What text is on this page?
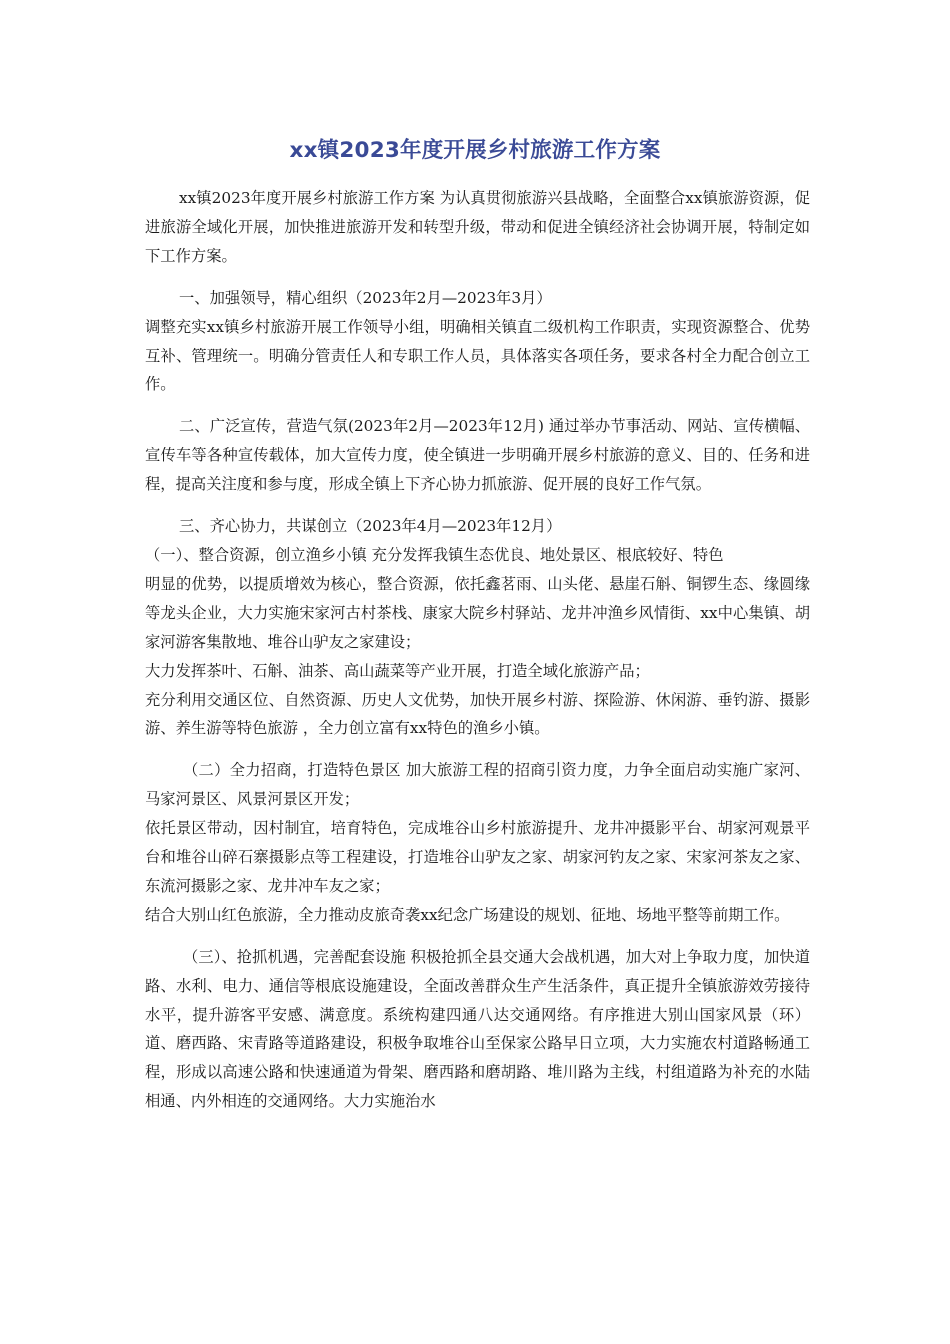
xx镇2023年度开展乡村旅游工作方案

xx镇2023年度开展乡村旅游工作方案 为认真贯彻旅游兴县战略，全面整合xx镇旅游资源，促进旅游全域化开展，加快推进旅游开发和转型升级，带动和促进全镇经济社会协调开展，特制定如下工作方案。

一、加强领导，精心组织（2023年2月—2023年3月）

调整充实xx镇乡村旅游开展工作领导小组，明确相关镇直二级机构工作职责，实现资源整合、优势互补、管理统一。明确分管责任人和专职工作人员，具体落实各项任务，要求各村全力配合创立工作。

二、广泛宣传，营造气氛(2023年2月—2023年12月) 通过举办节事活动、网站、宣传横幅、宣传车等各种宣传载体，加大宣传力度，使全镇进一步明确开展乡村旅游的意义、目的、任务和进程，提高关注度和参与度，形成全镇上下齐心协力抓旅游、促开展的良好工作气氛。

三、齐心协力，共谋创立（2023年4月—2023年12月）

（一）、整合资源，创立渔乡小镇 充分发挥我镇生态优良、地处景区、根底较好、特色

明显的优势，以提质增效为核心，整合资源，依托鑫茗雨、山头佬、悬崖石斛、铜锣生态、缘圆缘等龙头企业，大力实施宋家河古村茶栈、康家大院乡村驿站、龙井冲渔乡风情街、xx中心集镇、胡家河游客集散地、堆谷山驴友之家建设；

大力发挥茶叶、石斛、油茶、高山蔬菜等产业开展，打造全域化旅游产品；

充分利用交通区位、自然资源、历史人文优势，加快开展乡村游、探险游、休闲游、垂钓游、摄影游、养生游等特色旅游 ，全力创立富有xx特色的渔乡小镇。

（二）全力招商，打造特色景区 加大旅游工程的招商引资力度，力争全面启动实施广家河、马家河景区、风景河景区开发；

依托景区带动，因村制宜，培育特色，完成堆谷山乡村旅游提升、龙井冲摄影平台、胡家河观景平台和堆谷山碎石寨摄影点等工程建设，打造堆谷山驴友之家、胡家河钓友之家、宋家河茶友之家、东流河摄影之家、龙井冲车友之家；

结合大别山红色旅游，全力推动皮旅奇袭xx纪念广场建设的规划、征地、场地平整等前期工作。

（三）、抢抓机遇，完善配套设施 积极抢抓全县交通大会战机遇，加大对上争取力度，加快道路、水利、电力、通信等根底设施建设，全面改善群众生产生活条件，真正提升全镇旅游效劳接待水平，提升游客平安感、满意度。系统构建四通八达交通网络。有序推进大别山国家风景（环）道、磨西路、宋青路等道路建设，积极争取堆谷山至保家公路早日立项，大力实施农村道路畅通工程，形成以高速公路和快速通道为骨架、磨西路和磨胡路、堆川路为主线，村组道路为补充的水陆相通、内外相连的交通网络。大力实施治水
